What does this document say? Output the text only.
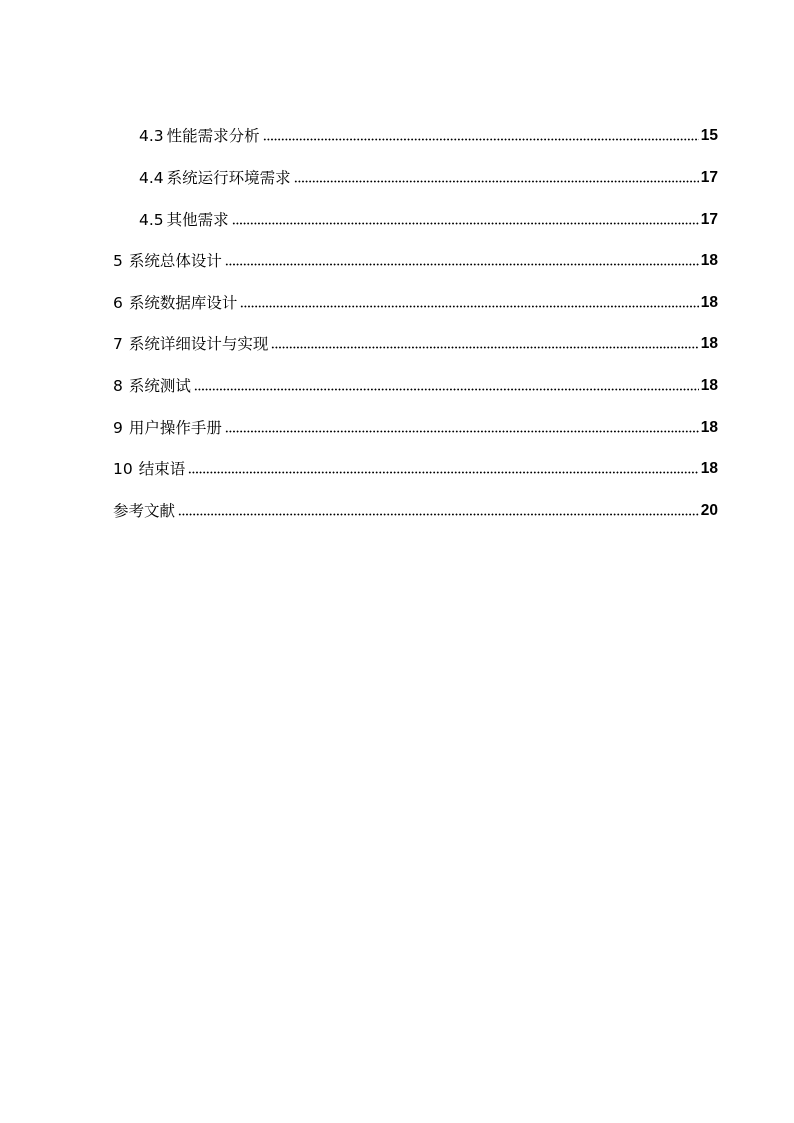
4.3 性能需求分析	15
4.4 系统运行环境需求	17
4.5 其他需求	17
5 系统总体设计	18
6 系统数据库设计	18
7 系统详细设计与实现	18
8 系统测试	18
9 用户操作手册	18
10 结束语	18
参考文献	20
